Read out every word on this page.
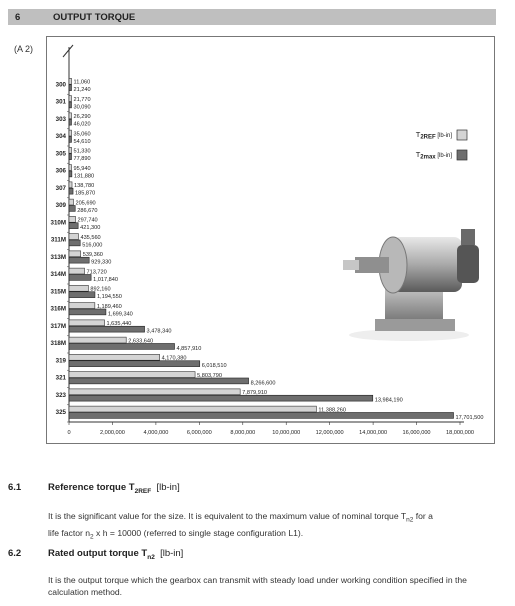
6	OUTPUT TORQUE
(A 2)
300 11,060
21,240
301 21,770
30,090
303 26,290
46,020
304 35,060
54,610
305 51,330
77,890
306 95,940
131,880
307 138,780
185,870
309 205,690
286,670
310M 297,740
421,300
311M	435,560
516,000
313M	539,360
929,330
314M	713,720
1,017,840
315M	892,160
1,194,550
316M	1,189,460
1,699,340
317M	1,635,440
3,478,340
318M	2,633,640
4,857,910
319	4,170,380
6,018,510
321	5,803,790
8,266,600
323	7,879,910
13,984,190
325	11,388,260
17,701,500
0	2,000,000	4,000,000	6,000,000	8,000,000	10,000,000	12,000,000	14,000,000	16,000,000	18,000,000
$T_{2REF}$ [lb-in]
$T_{2max}$ [lb-in]
6.1	Reference torque $T_{2REF}$ [lb-in]
It is the significant value for the size. It is equivalent to the maximum value of nominal torque $T_{n2}$ for a
life factor $n_2$ x h = 10000 (referred to single stage configuration L1).
6.2	Rated output torque $T_{n2}$ [lb-in]
It is the output torque which the gearbox can transmit with steady load under working condition specified in the calculation method.
